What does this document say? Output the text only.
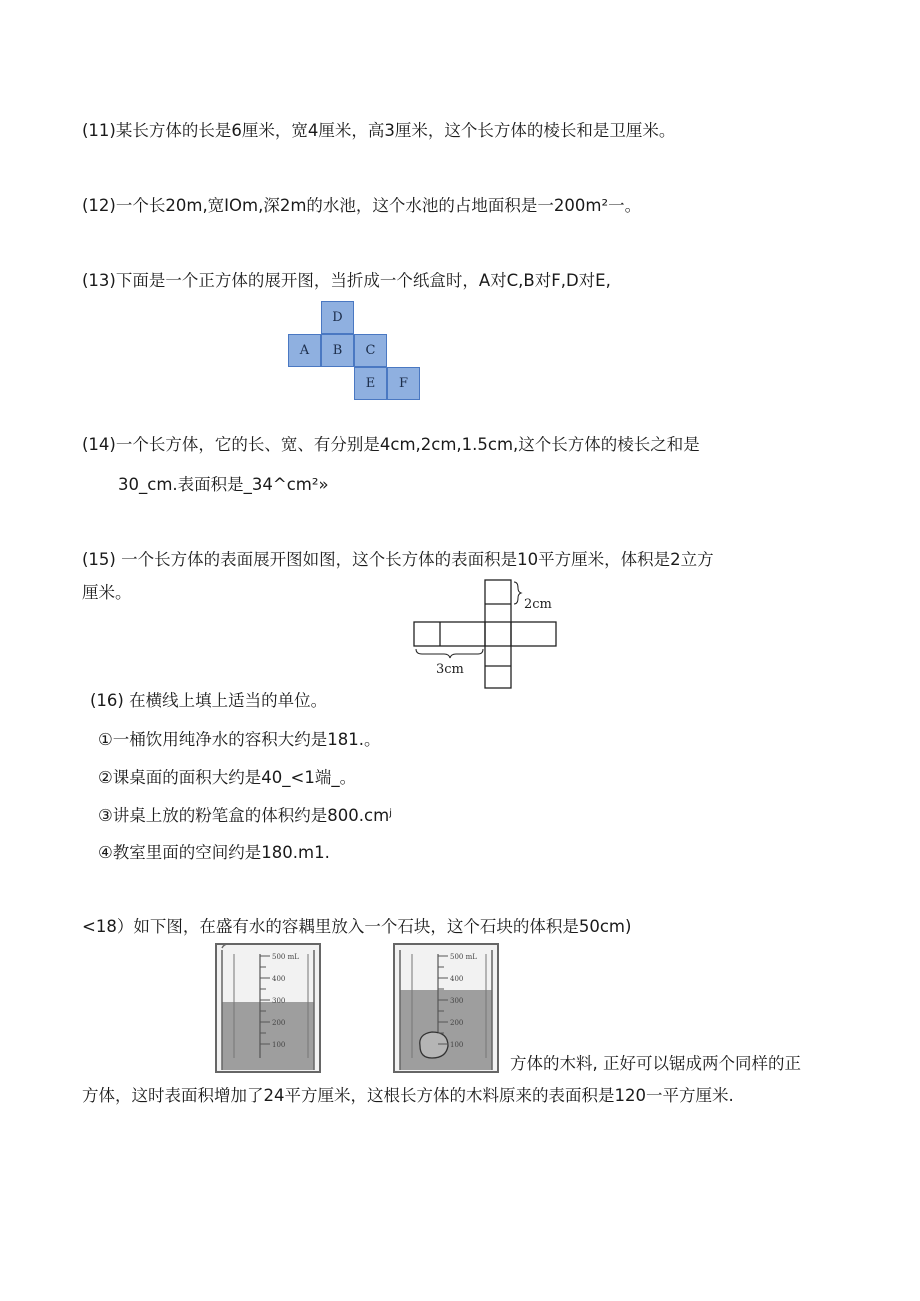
(11)某长方体的长是6厘米，宽4厘米，高3厘米，这个长方体的棱长和是卫厘米。
(12)一个长20m,宽IOm,深2m的水池，这个水池的占地面积是一200m²一。
(13)下面是一个正方体的展开图，当折成一个纸盒时，A对C,B对F,D对E,
D
A	B	C
E	F
(14)一个长方体，它的长、宽、有分别是4cm,2cm,1.5cm,这个长方体的棱长之和是
30_cm.表面积是_34^cm²»
(15) 一个长方体的表面展开图如图，这个长方体的表面积是10平方厘米，体积是2立方
厘米。
2cm
3cm
(16) 在横线上填上适当的单位。
①一桶饮用纯净水的容积大约是181.。
②课桌面的面积大约是40_<1端_。
③讲桌上放的粉笔盒的体积约是800.cmʲ
④教室里面的空间约是180.m1.
<18）如下图，在盛有水的容耦里放入一个石块，这个石块的体积是50cm)
500 mL
400
300
200
100
500 mL
400
300
200
100
方体的木料, 正好可以锯成两个同样的正
方体，这时表面积增加了24平方厘米，这根长方体的木料原来的表面积是120一平方厘米.
